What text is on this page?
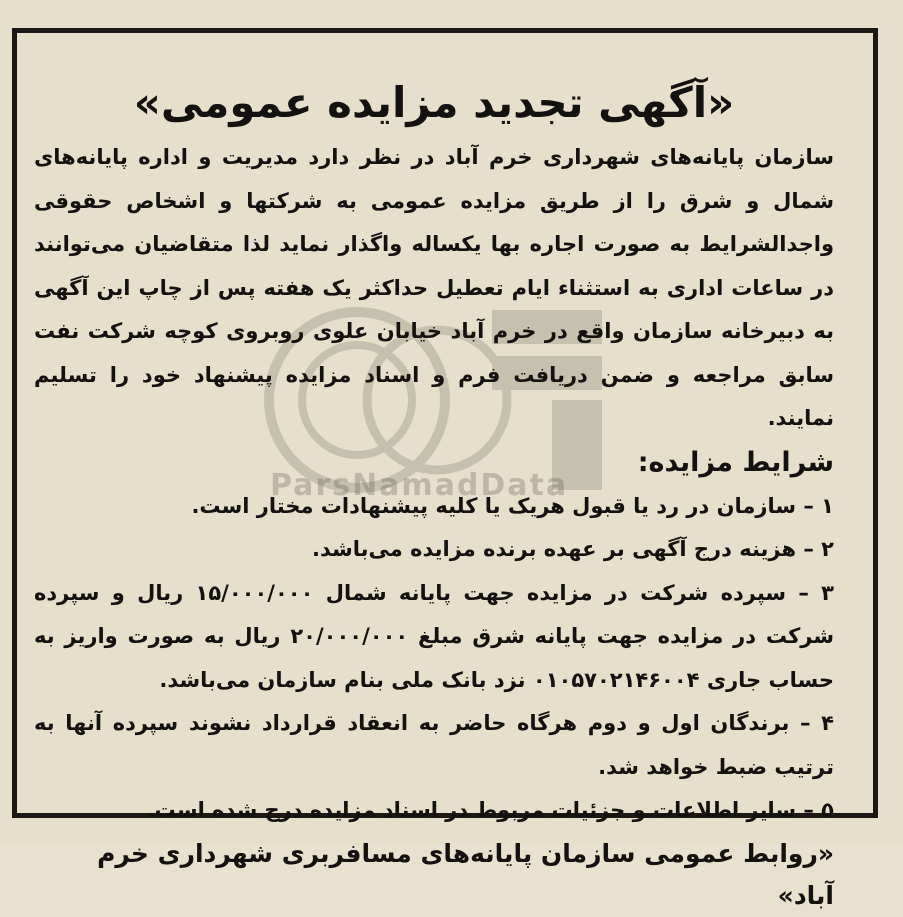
ParsNamadData
«آگهی تجدید مزایده عمومی»

سازمان پایانه‌های شهرداری خرم آباد در نظر دارد مدیریت و اداره پایانه‌های شمال و شرق را از طریق مزایده عمومی به شرکتها و اشخاص حقوقی واجدالشرایط به صورت اجاره بها یکساله واگذار نماید لذا متقاضیان می‌توانند در ساعات اداری به استثناء ایام تعطیل حداکثر یک هفته پس از چاپ این آگهی به دبیرخانه سازمان واقع در خرم آباد خیابان علوی روبروی کوچه شرکت نفت سابق مراجعه و ضمن دریافت فرم و اسناد مزایده پیشنهاد خود را تسلیم نمایند.

شرایط مزایده:

۱ – سازمان در رد یا قبول هریک یا کلیه پیشنهادات مختار است.

۲ – هزینه درج آگهی بر عهده برنده مزایده می‌باشد.

۳ – سپرده شرکت در مزایده جهت پایانه شمال ۱۵/۰۰۰/۰۰۰ ریال و سپرده شرکت در مزایده جهت پایانه شرق مبلغ ۲۰/۰۰۰/۰۰۰ ریال به صورت واریز به حساب جاری ۰۱۰۵۷۰۲۱۴۶۰۰۴ نزد بانک ملی بنام سازمان می‌باشد.

۴ – برندگان اول و دوم هرگاه حاضر به انعقاد قرارداد نشوند سپرده آنها به ترتیب ضبط خواهد شد.

۵ – سایر اطلاعات و جزئیات مربوط در اسناد مزایده درج شده است.

«روابط عمومی سازمان پایانه‌های مسافربری شهرداری خرم آباد»
